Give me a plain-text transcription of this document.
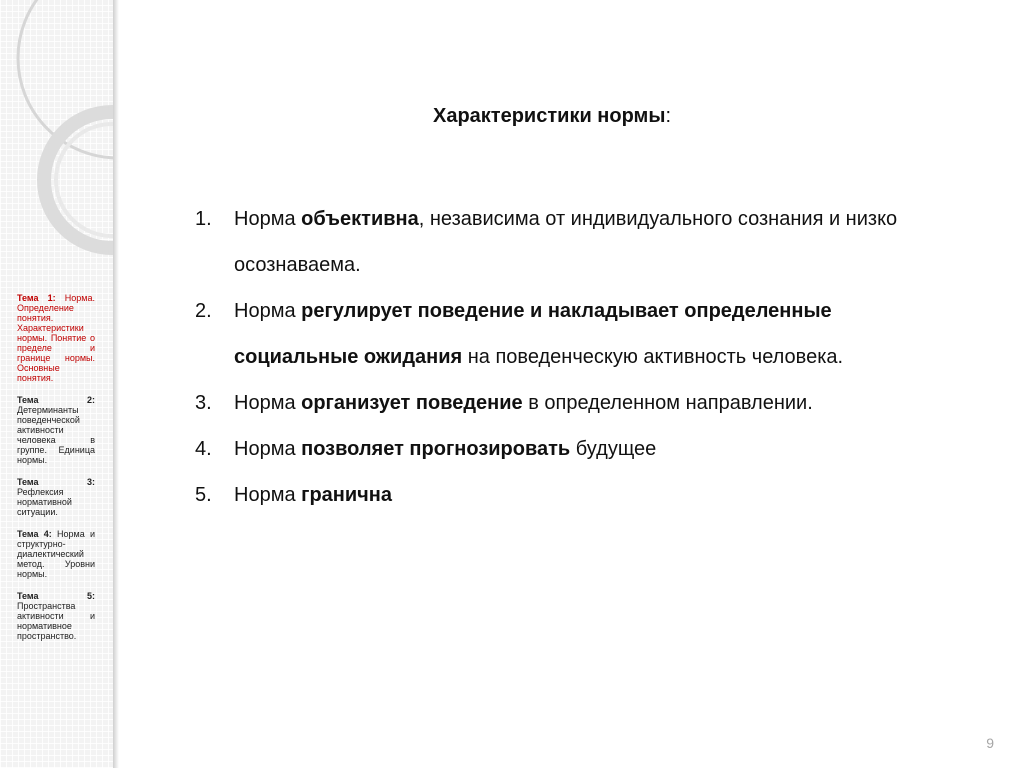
Тема 1: Норма. Определение понятия. Характеристики нормы. Понятие о пределе и границе нормы. Основные понятия.
Тема 2: Детерминанты поведенческой активности человека в группе. Единица нормы.
Тема 3: Рефлексия нормативной ситуации.
Тема 4: Норма и структурно-диалектический метод. Уровни нормы.
Тема 5: Пространства активности и нормативное пространство.
Характеристики нормы:
1. Норма объективна, независима от индивидуального сознания и низко осознаваема.
2. Норма регулирует поведение и накладывает определенные социальные ожидания на поведенческую активность человека.
3. Норма организует поведение в определенном направлении.
4. Норма позволяет прогнозировать будущее
5. Норма гранична
9
